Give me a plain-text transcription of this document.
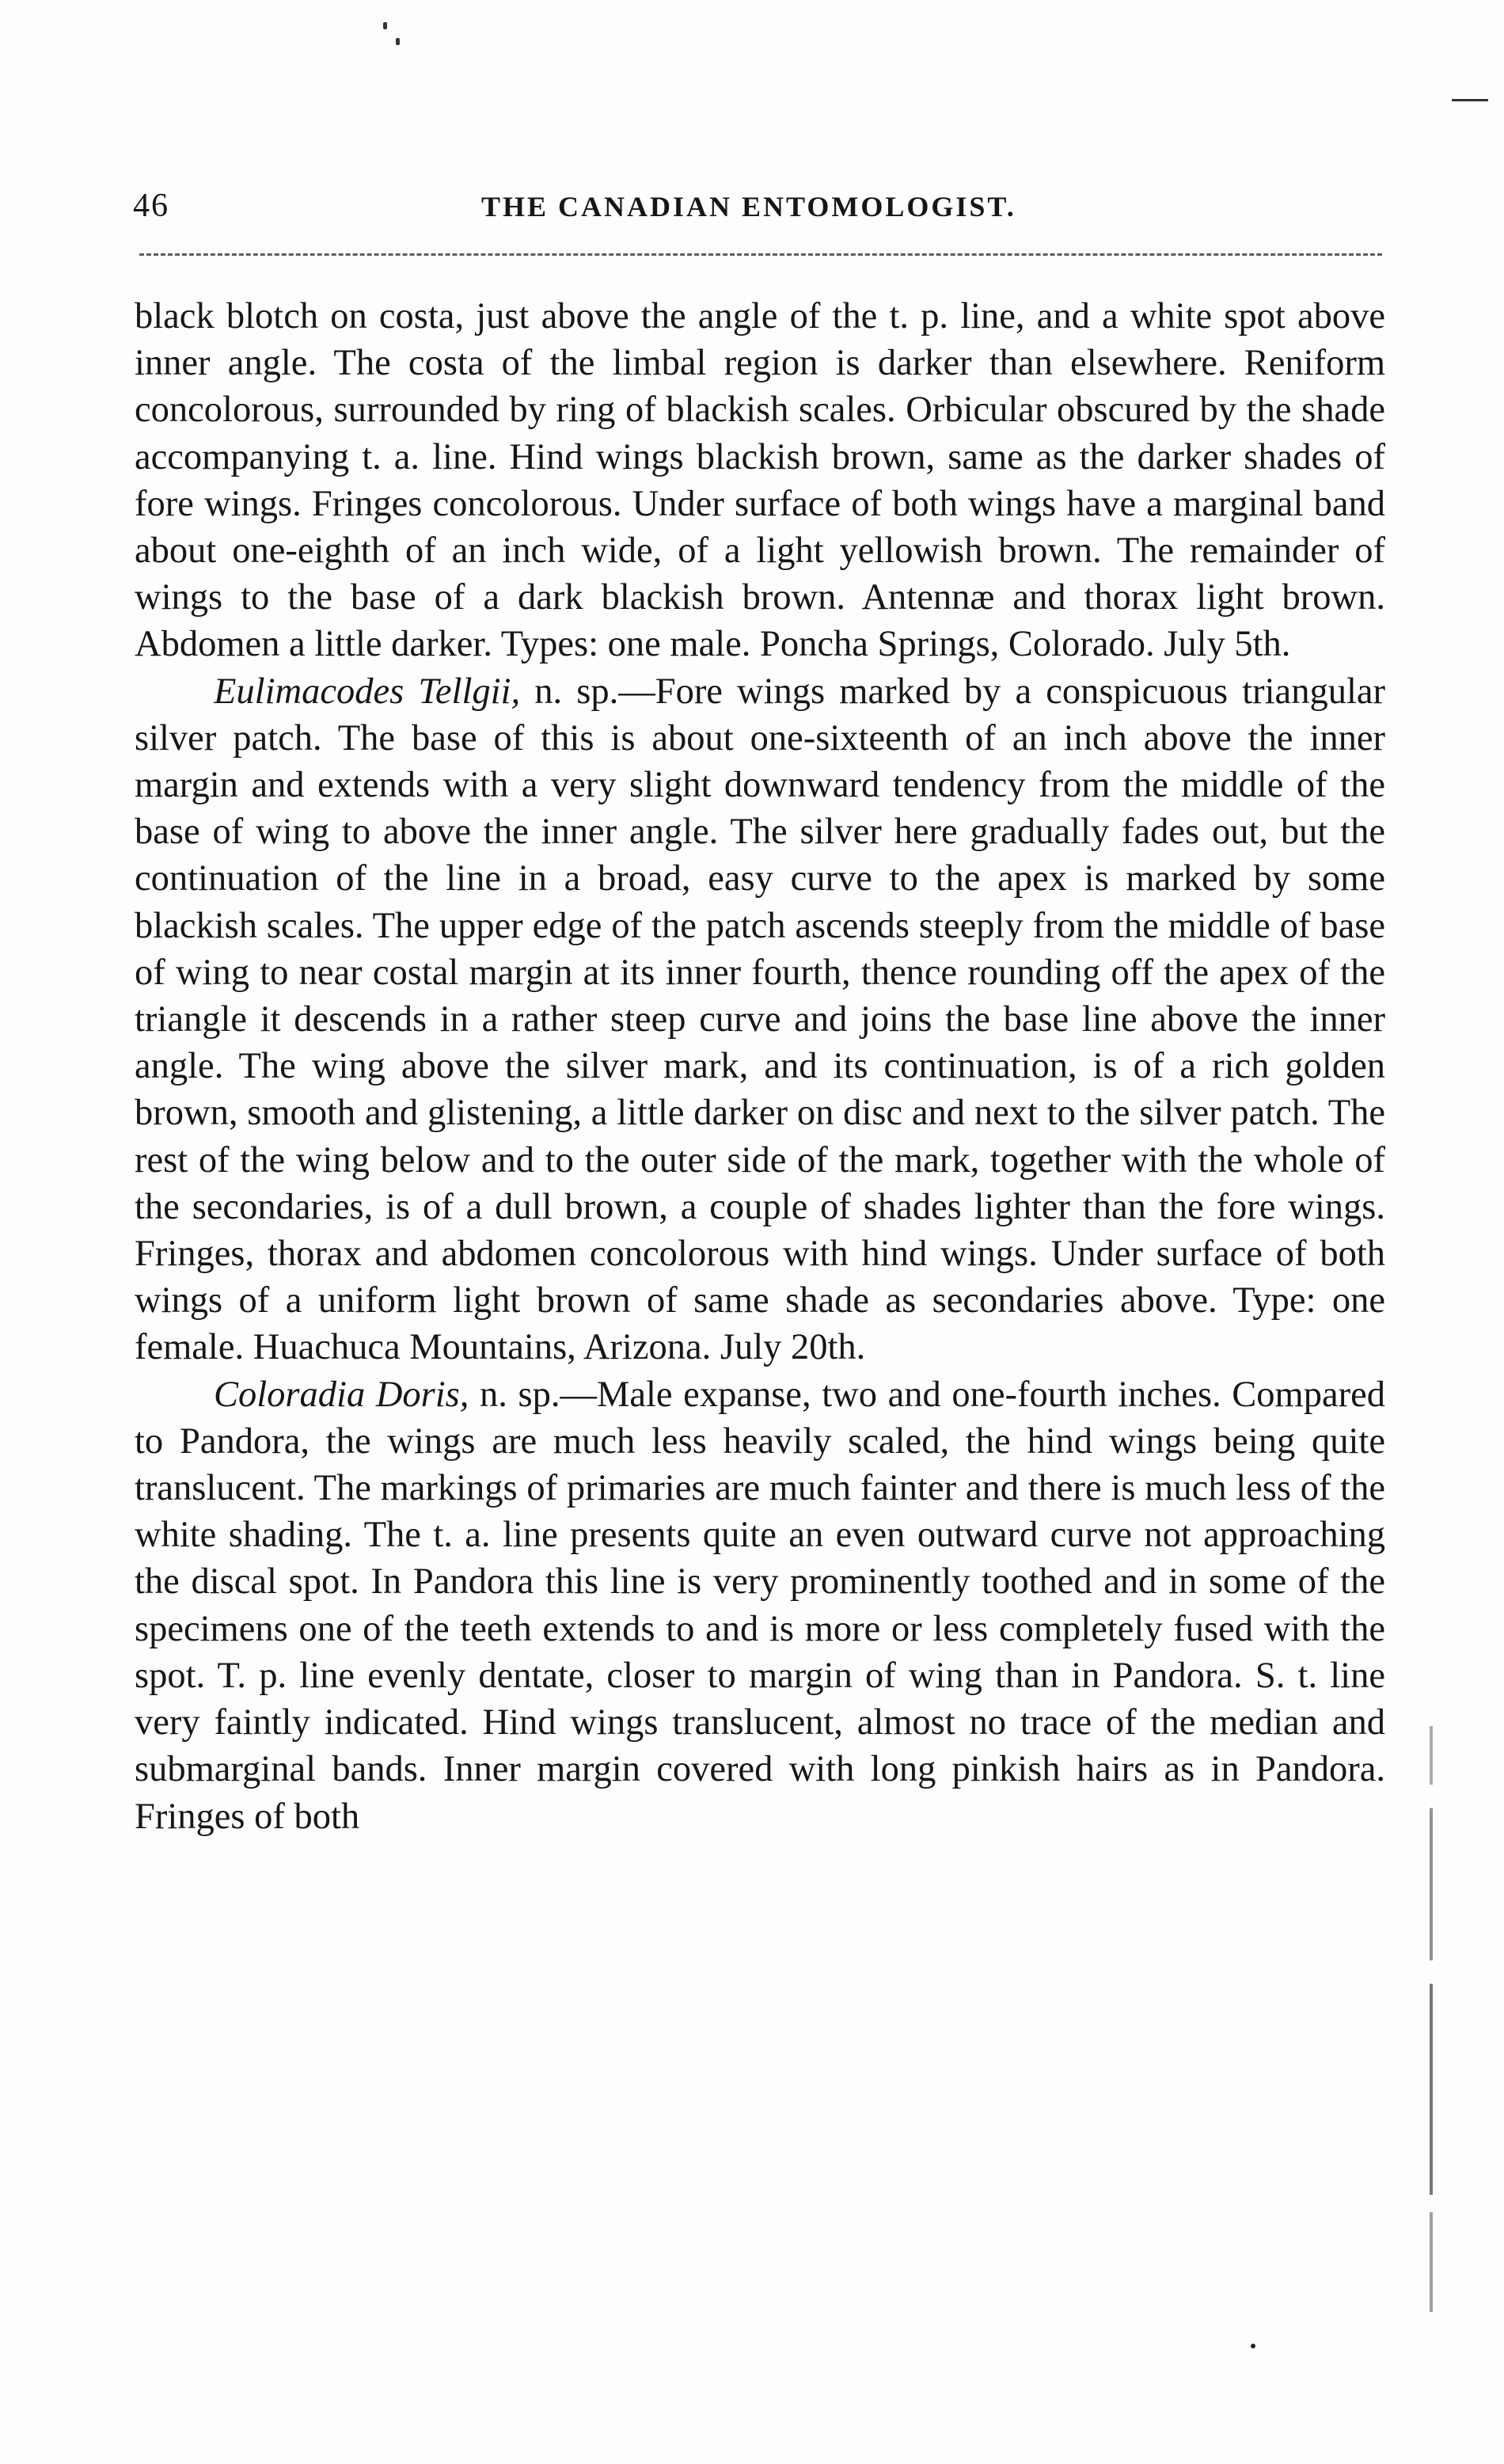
46	THE CANADIAN ENTOMOLOGIST.

black blotch on costa, just above the angle of the t. p. line, and a white spot above inner angle. The costa of the limbal region is darker than elsewhere. Reniform concolorous, surrounded by ring of blackish scales. Orbicular obscured by the shade accompanying t. a. line. Hind wings blackish brown, same as the darker shades of fore wings. Fringes concolorous. Under surface of both wings have a marginal band about one-eighth of an inch wide, of a light yellowish brown. The remainder of wings to the base of a dark blackish brown. Antennæ and thorax light brown. Abdomen a little darker. Types: one male. Poncha Springs, Colorado. July 5th.

Eulimacodes Tellgii, n. sp.—Fore wings marked by a conspicuous triangular silver patch. The base of this is about one-sixteenth of an inch above the inner margin and extends with a very slight downward tendency from the middle of the base of wing to above the inner angle. The silver here gradually fades out, but the continuation of the line in a broad, easy curve to the apex is marked by some blackish scales. The upper edge of the patch ascends steeply from the middle of base of wing to near costal margin at its inner fourth, thence rounding off the apex of the triangle it descends in a rather steep curve and joins the base line above the inner angle. The wing above the silver mark, and its continuation, is of a rich golden brown, smooth and glistening, a little darker on disc and next to the silver patch. The rest of the wing below and to the outer side of the mark, together with the whole of the secondaries, is of a dull brown, a couple of shades lighter than the fore wings. Fringes, thorax and abdomen concolorous with hind wings. Under surface of both wings of a uniform light brown of same shade as secondaries above. Type: one female. Huachuca Mountains, Arizona. July 20th.

Coloradia Doris, n. sp.—Male expanse, two and one-fourth inches. Compared to Pandora, the wings are much less heavily scaled, the hind wings being quite translucent. The markings of primaries are much fainter and there is much less of the white shading. The t. a. line presents quite an even outward curve not approaching the discal spot. In Pandora this line is very prominently toothed and in some of the specimens one of the teeth extends to and is more or less completely fused with the spot. T. p. line evenly dentate, closer to margin of wing than in Pandora. S. t. line very faintly indicated. Hind wings translucent, almost no trace of the median and submarginal bands. Inner margin covered with long pinkish hairs as in Pandora. Fringes of both
